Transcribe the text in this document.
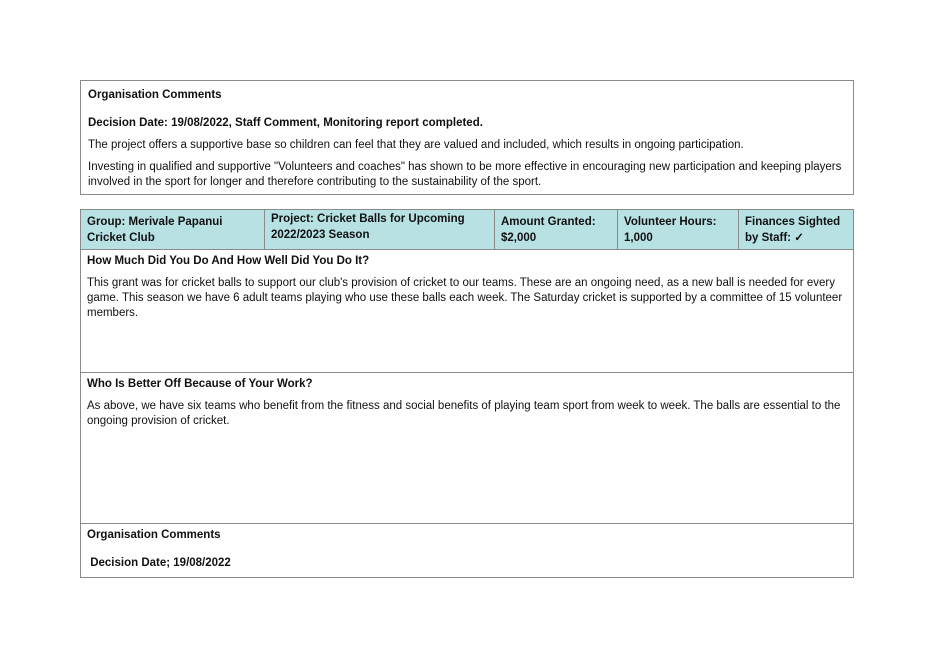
Organisation Comments

Decision Date: 19/08/2022, Staff Comment, Monitoring report completed.

The project offers a supportive base so children can feel that they are valued and included, which results in ongoing participation.

Investing in qualified and supportive "Volunteers and coaches" has shown to be more effective in encouraging new participation and keeping players involved in the sport for longer and therefore contributing to the sustainability of the sport.

Group: Merivale Papanui Cricket Club
Project: Cricket Balls for Upcoming 2022/2023 Season
Amount Granted: $2,000
Volunteer Hours: 1,000
Finances Sighted by Staff: ✓

How Much Did You Do And How Well Did You Do It?

This grant was for cricket balls to support our club's provision of cricket to our teams. These are an ongoing need, as a new ball is needed for every game. This season we have 6 adult teams playing who use these balls each week. The Saturday cricket is supported by a committee of 15 volunteer members.

Who Is Better Off Because of Your Work?

As above, we have six teams who benefit from the fitness and social benefits of playing team sport from week to week. The balls are essential to the ongoing provision of cricket.

Organisation Comments

Decision Date; 19/08/2022
